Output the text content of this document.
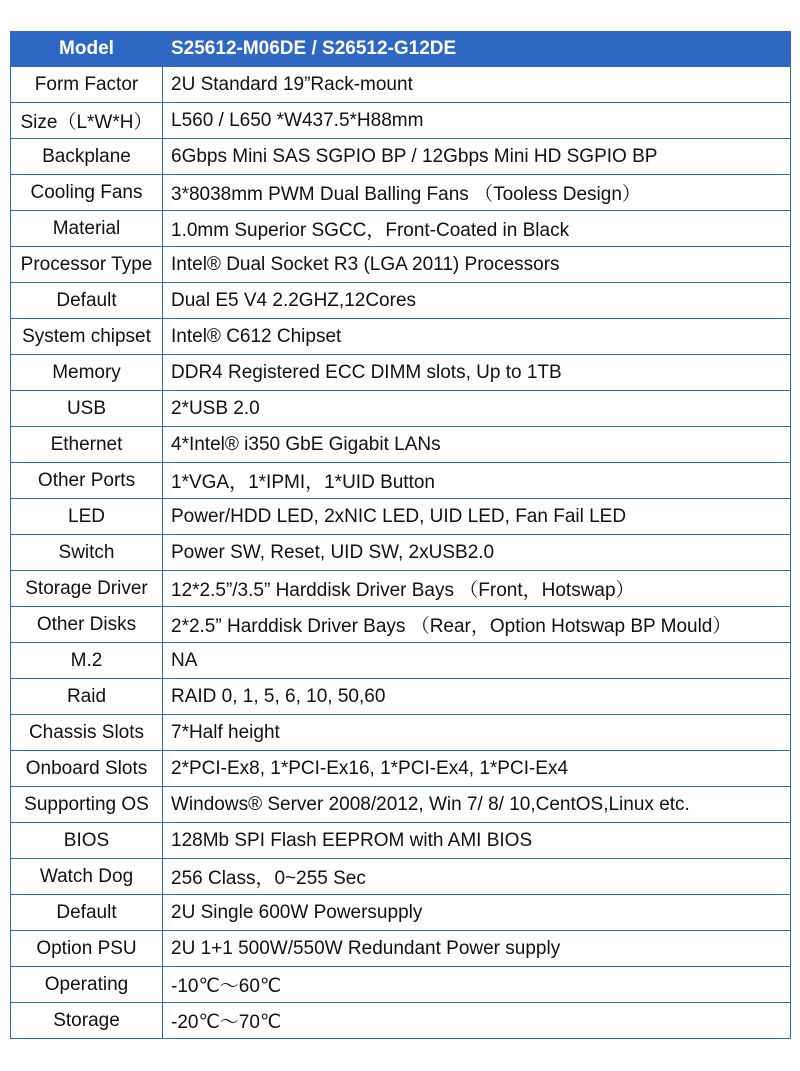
Model	S25612-M06DE / S26512-G12DE
Form Factor	2U Standard 19”Rack-mount
Size（L*W*H）	L560 / L650 *W437.5*H88mm
Backplane	6Gbps Mini SAS SGPIO BP / 12Gbps Mini HD SGPIO BP
Cooling Fans	3*8038mm PWM Dual Balling Fans （Tooless Design）
Material	1.0mm Superior SGCC，Front-Coated in Black
Processor Type	Intel® Dual Socket R3 (LGA 2011) Processors
Default	Dual E5 V4 2.2GHZ,12Cores
System chipset	Intel® C612 Chipset
Memory	DDR4 Registered ECC DIMM slots, Up to 1TB
USB	2*USB 2.0
Ethernet	4*Intel® i350 GbE Gigabit LANs
Other Ports	1*VGA，1*IPMI，1*UID Button
LED	Power/HDD LED, 2xNIC LED, UID LED, Fan Fail LED
Switch	Power SW, Reset, UID SW, 2xUSB2.0
Storage Driver	12*2.5”/3.5” Harddisk Driver Bays （Front，Hotswap）
Other Disks	2*2.5” Harddisk Driver Bays （Rear，Option Hotswap BP Mould）
M.2	NA
Raid	RAID 0, 1, 5, 6, 10, 50,60
Chassis Slots	7*Half height
Onboard Slots	2*PCI-Ex8, 1*PCI-Ex16, 1*PCI-Ex4, 1*PCI-Ex4
Supporting OS	Windows® Server 2008/2012, Win 7/ 8/ 10,CentOS,Linux etc.
BIOS	128Mb SPI Flash EEPROM with AMI BIOS
Watch Dog	256 Class，0~255 Sec
Default	2U Single 600W Powersupply
Option PSU	2U 1+1 500W/550W Redundant Power supply
Operating	-10℃～60℃
Storage	-20℃～70℃
